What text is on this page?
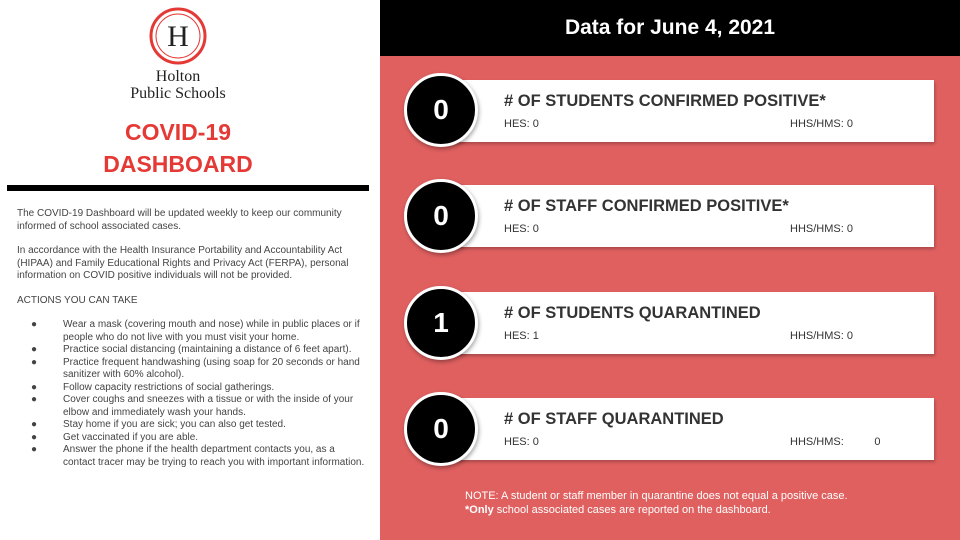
H
Holton
Public Schools
COVID-19
DASHBOARD

The COVID-19 Dashboard will be updated weekly to keep our community informed of school associated cases.

In accordance with the Health Insurance Portability and Accountability Act (HIPAA) and Family Educational Rights and Privacy Act (FERPA), personal information on COVID positive individuals will not be provided.

ACTIONS YOU CAN TAKE

●	Wear a mask (covering mouth and nose) while in public places or if people who do not live with you must visit your home.
●	Practice social distancing (maintaining a distance of 6 feet apart).
●	Practice frequent handwashing (using soap for 20 seconds or hand sanitizer with 60% alcohol).
●	Follow capacity restrictions of social gatherings.
●	Cover coughs and sneezes with a tissue or with the inside of your elbow and immediately wash your hands.
●	Stay home if you are sick; you can also get tested.
●	Get vaccinated if you are able.
●	Answer the phone if the health department contacts you, as a contact tracer may be trying to reach you with important information.
Data for June 4, 2021
# OF STUDENTS CONFIRMED POSITIVE*
HES: 0	HHS/HMS: 0
0
# OF STAFF CONFIRMED POSITIVE*
HES: 0	HHS/HMS: 0
0
# OF STUDENTS QUARANTINED
HES: 1	HHS/HMS: 0
1
# OF STAFF QUARANTINED
HES: 0	HHS/HMS:          0
0
NOTE: A student or staff member in quarantine does not equal a positive case.
*Only school associated cases are reported on the dashboard.
